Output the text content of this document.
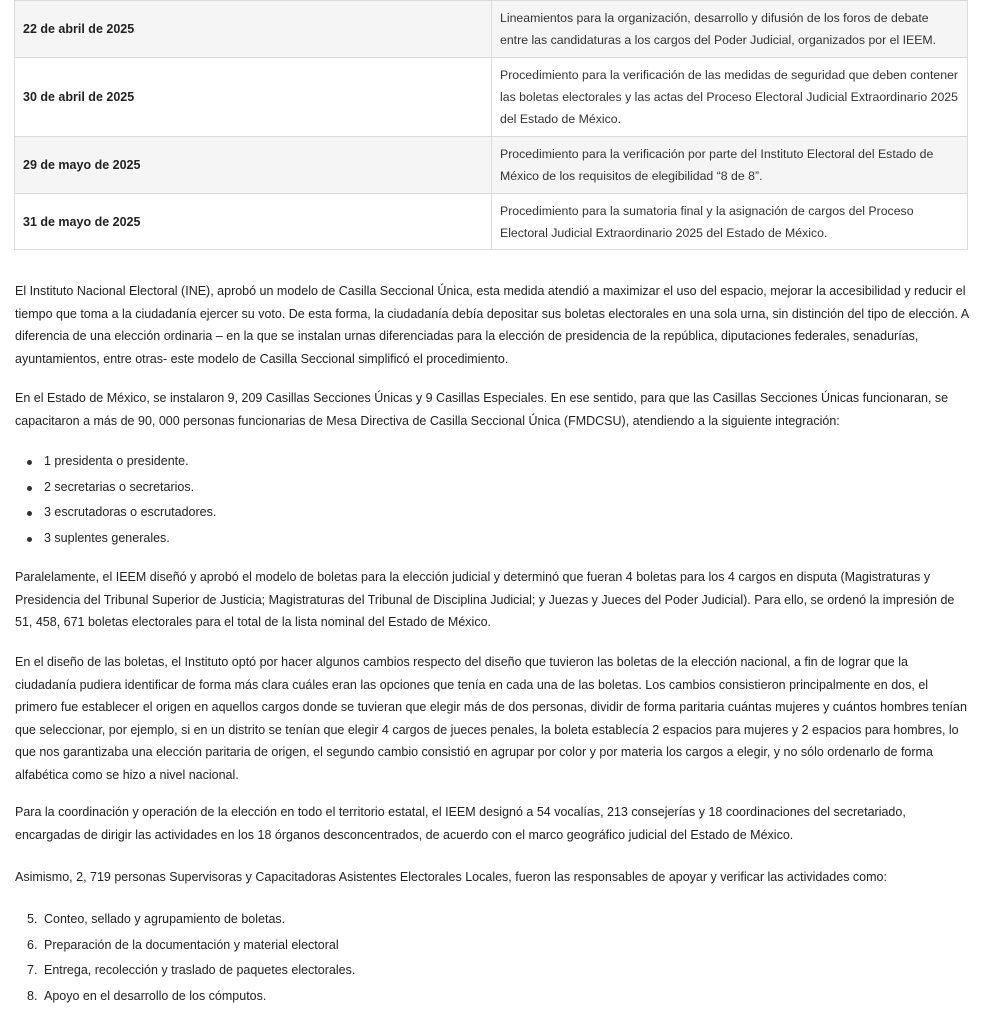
22 de abril de 2025	Lineamientos para la organización, desarrollo y difusión de los foros de debate entre las candidaturas a los cargos del Poder Judicial, organizados por el IEEM.
30 de abril de 2025	Procedimiento para la verificación de las medidas de seguridad que deben contener las boletas electorales y las actas del Proceso Electoral Judicial Extraordinario 2025 del Estado de México.
29 de mayo de 2025	Procedimiento para la verificación por parte del Instituto Electoral del Estado de México de los requisitos de elegibilidad “8 de 8”.
31 de mayo de 2025	Procedimiento para la sumatoria final y la asignación de cargos del Proceso Electoral Judicial Extraordinario 2025 del Estado de México.

El Instituto Nacional Electoral (INE), aprobó un modelo de Casilla Seccional Única, esta medida atendió a maximizar el uso del espacio, mejorar la accesibilidad y reducir el tiempo que toma a la ciudadanía ejercer su voto. De esta forma, la ciudadanía debía depositar sus boletas electorales en una sola urna, sin distinción del tipo de elección. A diferencia de una elección ordinaria – en la que se instalan urnas diferenciadas para la elección de presidencia de la república, diputaciones federales, senadurías, ayuntamientos, entre otras- este modelo de Casilla Seccional simplificó el procedimiento.

En el Estado de México, se instalaron 9, 209 Casillas Secciones Únicas y 9 Casillas Especiales. En ese sentido, para que las Casillas Secciones Únicas funcionaran, se capacitaron a más de 90, 000 personas funcionarias de Mesa Directiva de Casilla Seccional Única (FMDCSU), atendiendo a la siguiente integración:

1 presidenta o presidente.
2 secretarias o secretarios.
3 escrutadoras o escrutadores.
3 suplentes generales.

Paralelamente, el IEEM diseñó y aprobó el modelo de boletas para la elección judicial y determinó que fueran 4 boletas para los 4 cargos en disputa (Magistraturas y Presidencia del Tribunal Superior de Justicia; Magistraturas del Tribunal de Disciplina Judicial; y Juezas y Jueces del Poder Judicial). Para ello, se ordenó la impresión de 51, 458, 671 boletas electorales para el total de la lista nominal del Estado de México.

En el diseño de las boletas, el Instituto optó por hacer algunos cambios respecto del diseño que tuvieron las boletas de la elección nacional, a fin de lograr que la ciudadanía pudiera identificar de forma más clara cuáles eran las opciones que tenía en cada una de las boletas. Los cambios consistieron principalmente en dos, el primero fue establecer el origen en aquellos cargos donde se tuvieran que elegir más de dos personas, dividir de forma paritaria cuántas mujeres y cuántos hombres tenían que seleccionar, por ejemplo, si en un distrito se tenían que elegir 4 cargos de jueces penales, la boleta establecía 2 espacios para mujeres y 2 espacios para hombres, lo que nos garantizaba una elección paritaria de origen, el segundo cambio consistió en agrupar por color y por materia los cargos a elegir, y no sólo ordenarlo de forma alfabética como se hizo a nivel nacional.

Para la coordinación y operación de la elección en todo el territorio estatal, el IEEM designó a 54 vocalías, 213 consejerías y 18 coordinaciones del secretariado, encargadas de dirigir las actividades en los 18 órganos desconcentrados, de acuerdo con el marco geográfico judicial del Estado de México.

Asimismo, 2, 719 personas Supervisoras y Capacitadoras Asistentes Electorales Locales, fueron las responsables de apoyar y verificar las actividades como:

5. Conteo, sellado y agrupamiento de boletas.
6. Preparación de la documentación y material electoral
7. Entrega, recolección y traslado de paquetes electorales.
8. Apoyo en el desarrollo de los cómputos.
